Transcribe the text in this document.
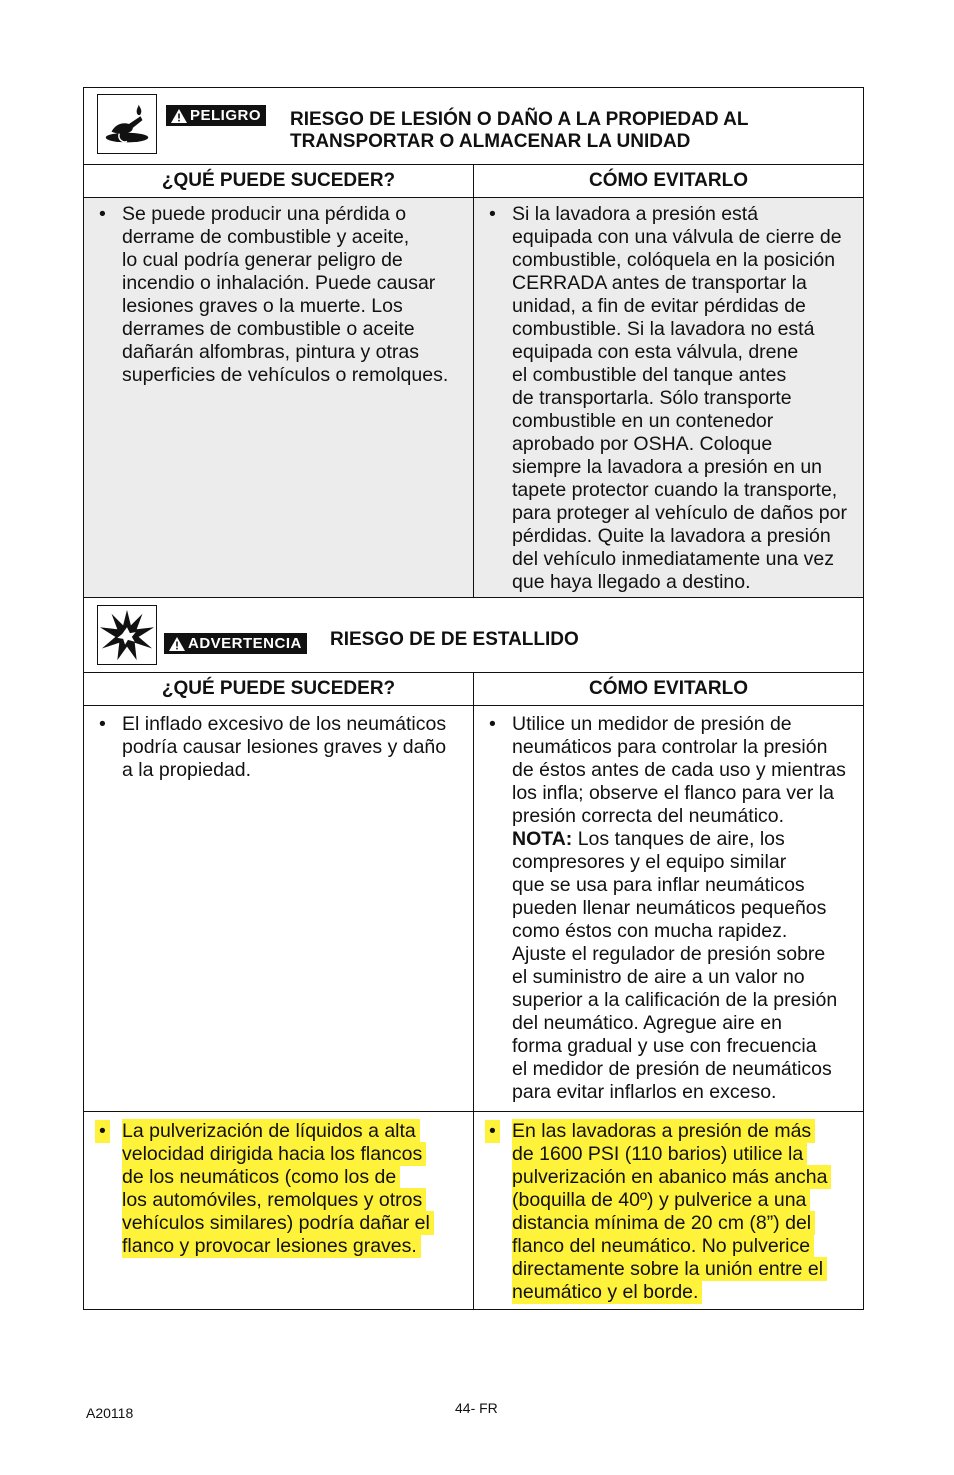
PELIGRO RIESGO DE LESIÓN O DAÑO A LA PROPIEDAD AL
TRANSPORTAR O ALMACENAR LA UNIDAD
¿QUÉ PUEDE SUCEDER?	CÓMO EVITARLO
• Se puede producir una pérdida o
derrame de combustible y aceite,
lo cual podría generar peligro de
incendio o inhalación. Puede causar
lesiones graves o la muerte. Los
derrames de combustible o aceite
dañarán alfombras, pintura y otras
superficies de vehículos o remolques.
• Si la lavadora a presión está
equipada con una válvula de cierre de
combustible, colóquela en la posición
CERRADA antes de transportar la
unidad, a fin de evitar pérdidas de
combustible. Si la lavadora no está
equipada con esta válvula, drene
el combustible del tanque antes
de transportarla. Sólo transporte
combustible en un contenedor
aprobado por OSHA. Coloque
siempre la lavadora a presión en un
tapete protector cuando la transporte,
para proteger al vehículo de daños por
pérdidas. Quite la lavadora a presión
del vehículo inmediatamente una vez
que haya llegado a destino.
ADVERTENCIA RIESGO DE DE ESTALLIDO
¿QUÉ PUEDE SUCEDER?	CÓMO EVITARLO
• El inflado excesivo de los neumáticos
podría causar lesiones graves y daño
a la propiedad.
• Utilice un medidor de presión de
neumáticos para controlar la presión
de éstos antes de cada uso y mientras
los infla; observe el flanco para ver la
presión correcta del neumático.

NOTA: Los tanques de aire, los
compresores y el equipo similar
que se usa para inflar neumáticos
pueden llenar neumáticos pequeños
como éstos con mucha rapidez.
Ajuste el regulador de presión sobre
el suministro de aire a un valor no
superior a la calificación de la presión
del neumático. Agregue aire en
forma gradual y use con frecuencia
el medidor de presión de neumáticos
para evitar inflarlos en exceso.

• La pulverización de líquidos a alta
velocidad dirigida hacia los flancos
de los neumáticos (como los de
los automóviles, remolques y otros
vehículos similares) podría dañar el
flanco y provocar lesiones graves.
• En las lavadoras a presión de más
de 1600 PSI (110 barios) utilice la
pulverización en abanico más ancha
(boquilla de 40º) y pulverice a una
distancia mínima de 20 cm (8”) del
flanco del neumático. No pulverice
directamente sobre la unión entre el
neumático y el borde.
A20118	44- FR
